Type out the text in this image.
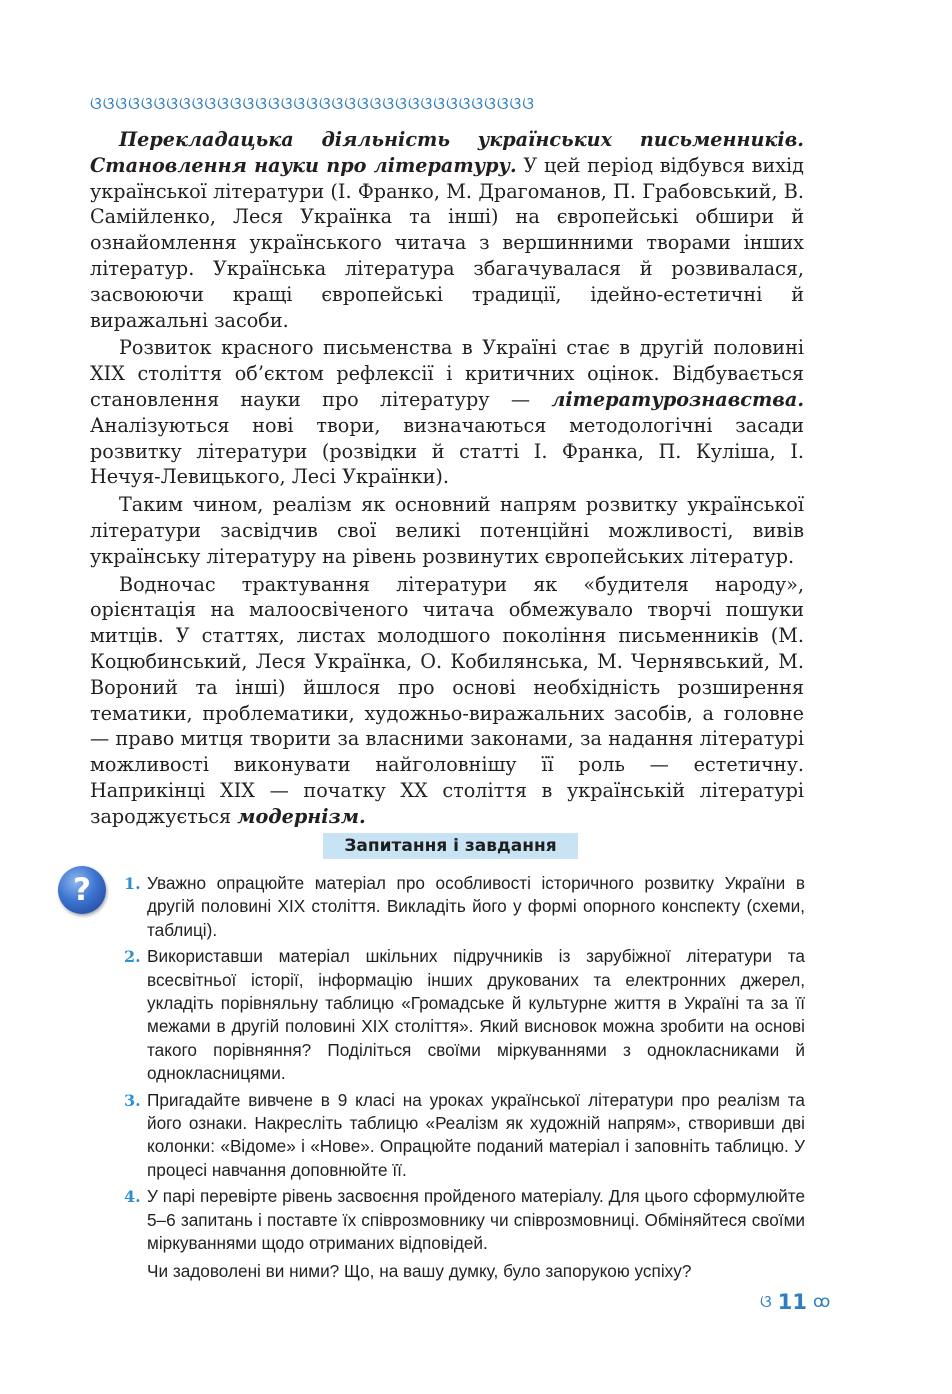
ଓଓଓଓଓଓଓଓଓଓଓଓଓଓଓଓଓଓଓଓଓଓଓଓଓଓଓଓଓଓଓଓଓଓଓ

Перекладацька діяльність українських письменників. Становлення науки про літературу. У цей період відбувся вихід української літератури (І. Франко, М. Драгоманов, П. Грабовський, В. Самійленко, Леся Українка та інші) на європейські обшири й ознайомлення українського читача з вершинними творами інших літератур. Українська література збагачувалася й розвивалася, засвоюючи кращі європейські традиції, ідейно-естетичні й виражальні засоби.

Розвиток красного письменства в Україні стає в другій половині XIX століття об’єктом рефлексії і критичних оцінок. Відбувається становлення науки про літературу — літературознавства. Аналізуються нові твори, визначаються методологічні засади розвитку літератури (розвідки й статті І. Франка, П. Куліша, І. Нечуя-Левицького, Лесі Українки).

Таким чином, реалізм як основний напрям розвитку української літератури засвідчив свої великі потенційні можливості, вивів українську літературу на рівень розвинутих європейських літератур.

Водночас трактування літератури як «будителя народу», орієнтація на малоосвіченого читача обмежувало творчі пошуки митців. У статтях, листах молодшого покоління письменників (М. Коцюбинський, Леся Українка, О. Кобилянська, М. Чернявський, М. Вороний та інші) йшлося про основі необхідність розширення тематики, проблематики, художньо-виражальних засобів, а головне — право митця творити за власними законами, за надання літературі можливості виконувати найголовнішу її роль — естетичну. Наприкінці XIX — початку XX століття в українській літературі зароджується модернізм.

Запитання і завдання
?	1. Уважно опрацюйте матеріал про особливості історичного розвитку України в другій половині XIX століття. Викладіть його у формі опорного конспекту (схеми, таблиці).
2. Використавши матеріал шкільних підручників із зарубіжної літератури та всесвітньої історії, інформацію інших друкованих та електронних джерел, укладіть порівняльну таблицю «Громадське й культурне життя в Україні та за її межами в другій половині XIX століття». Який висновок можна зробити на основі такого порівняння? Поділіться своїми міркуваннями з однокласниками й однокласницями.
3. Пригадайте вивчене в 9 класі на уроках української літератури про реалізм та його ознаки. Накресліть таблицю «Реалізм як художній напрям», створивши дві колонки: «Відоме» і «Нове». Опрацюйте поданий матеріал і заповніть таблицю. У процесі навчання доповнюйте її.
4. У парі перевірте рівень засвоєння пройденого матеріалу. Для цього сформулюйте 5–6 запитань і поставте їх співрозмовнику чи співрозмовниці. Обміняйтеся своїми міркуваннями щодо отриманих відповідей.
Чи задоволені ви ними? Що, на вашу думку, було запорукою успіху?
ଓ 11 ꝏ
